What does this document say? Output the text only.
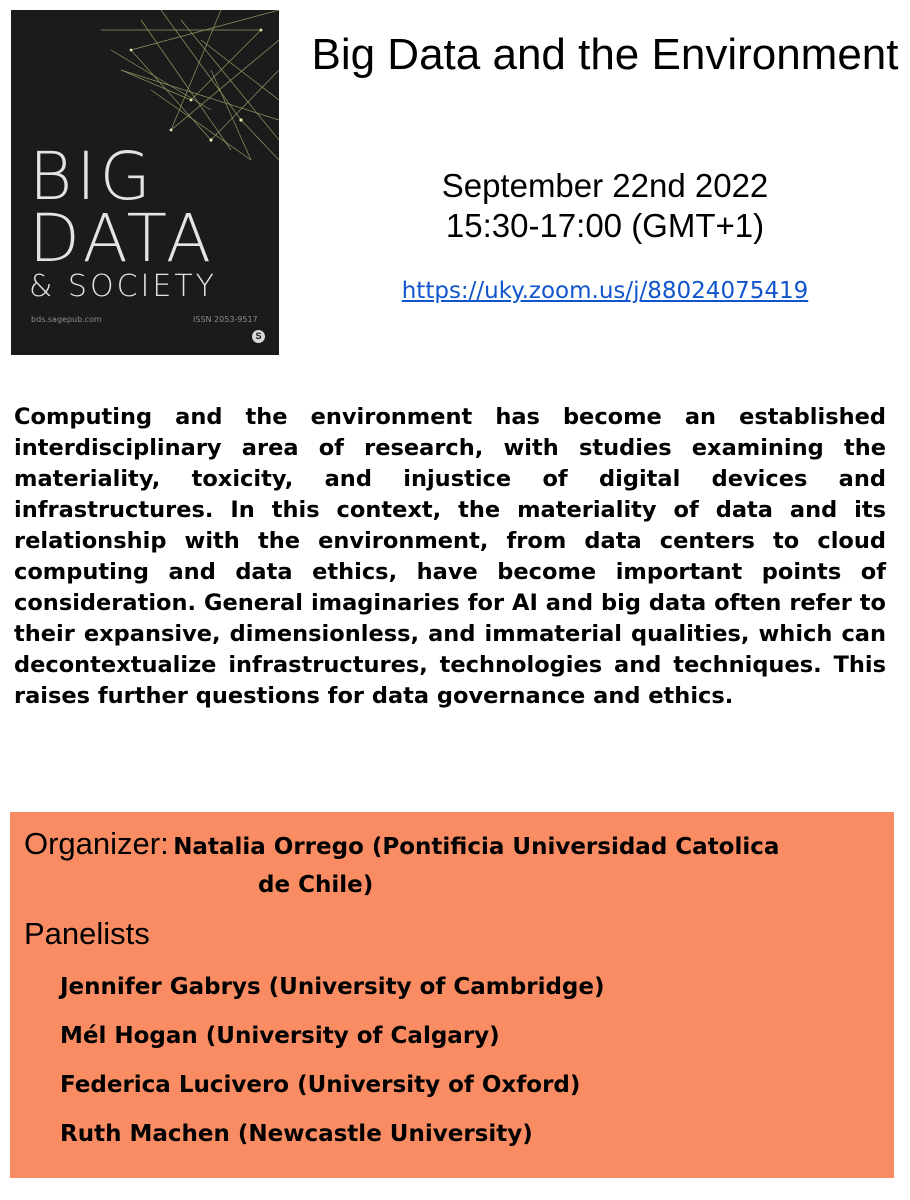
BIG
DATA
& SOCIETY
bds.sagepub.com	ISSN 2053-9517
S
Big Data and the Environment
September 22nd 2022
15:30-17:00 (GMT+1)
https://uky.zoom.us/j/88024075419

Computing and the environment has become an established interdisciplinary area of research, with studies examining the materiality, toxicity, and injustice of digital devices and infrastructures. In this context, the materiality of data and its relationship with the environment, from data centers to cloud computing and data ethics, have become important points of consideration. General imaginaries for AI and big data often refer to their expansive, dimensionless, and immaterial qualities, which can decontextualize infrastructures, technologies and techniques. This raises further questions for data governance and ethics.

Organizer: Natalia Orrego (Pontificia Universidad Catolica
de Chile)
Panelists
Jennifer Gabrys (University of Cambridge)
Mél Hogan (University of Calgary)
Federica Lucivero (University of Oxford)
Ruth Machen (Newcastle University)
